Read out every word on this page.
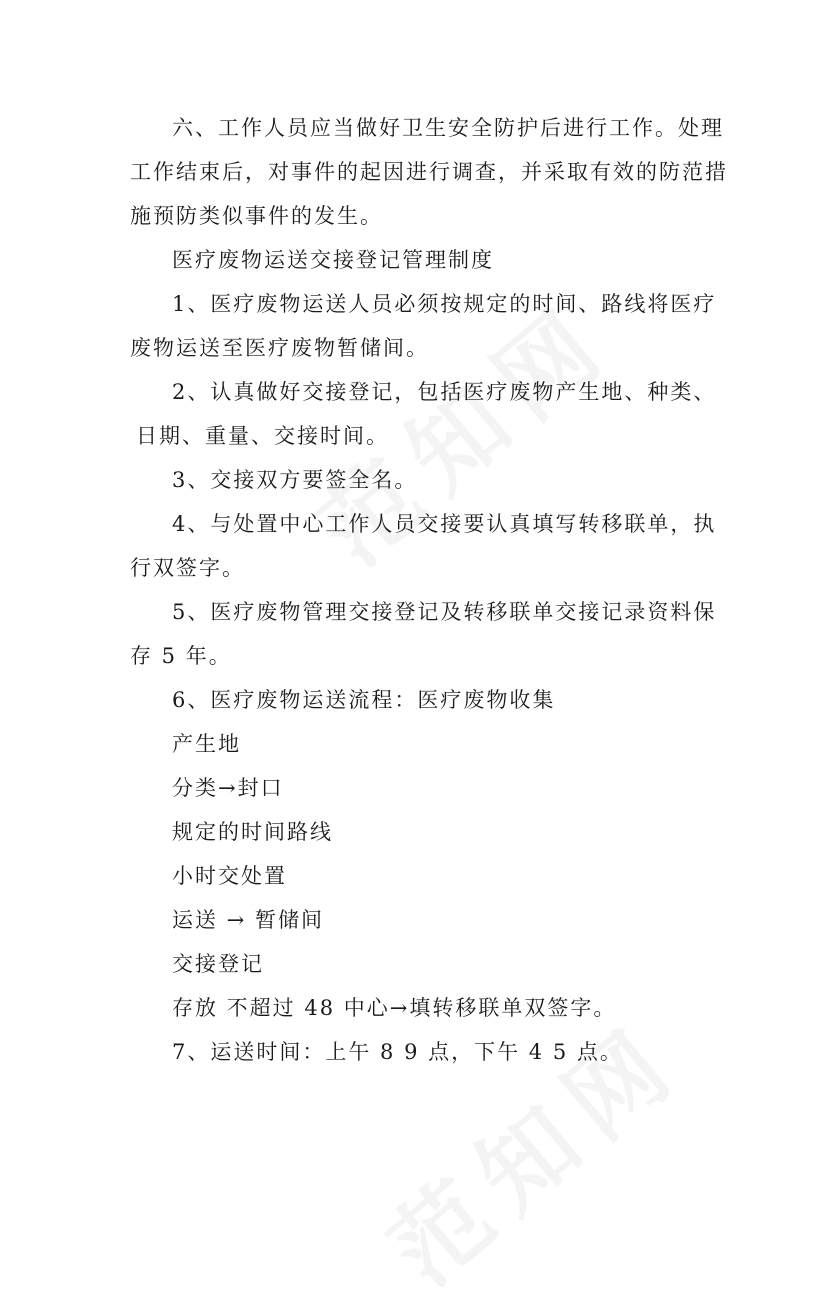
六、工作人员应当做好卫生安全防护后进行工作。处理
工作结束后，对事件的起因进行调查，并采取有效的防范措
施预防类似事件的发生。
医疗废物运送交接登记管理制度
1、医疗废物运送人员必须按规定的时间、路线将医疗
废物运送至医疗废物暂储间。
2、认真做好交接登记，包括医疗废物产生地、种类、
日期、重量、交接时间。
3、交接双方要签全名。
4、与处置中心工作人员交接要认真填写转移联单，执
行双签字。
5、医疗废物管理交接登记及转移联单交接记录资料保
存 5 年。
6、医疗废物运送流程：医疗废物收集
产生地
分类→封口
规定的时间路线
小时交处置
运送 → 暂储间
交接登记
存放 不超过 48 中心→填转移联单双签字。
7、运送时间：上午 8 9 点，下午 4 5 点。
